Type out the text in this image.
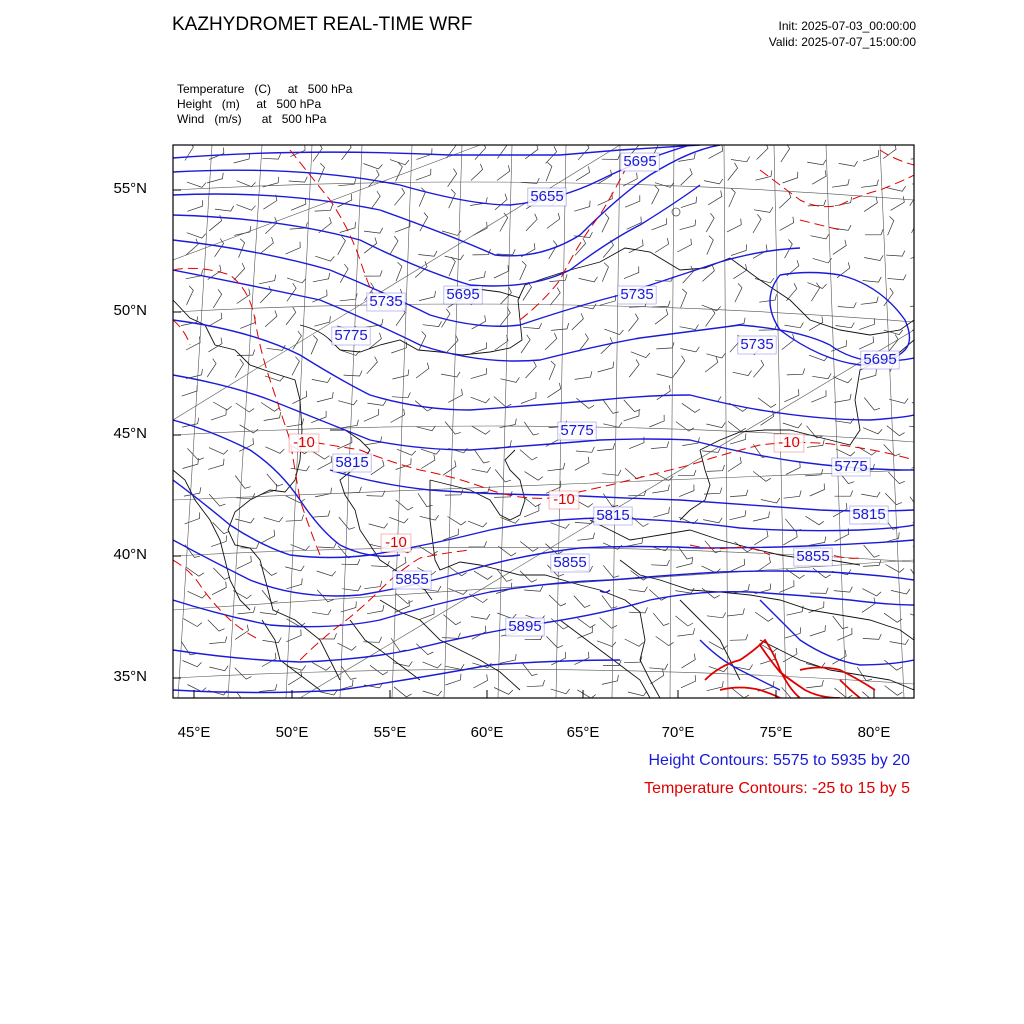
5695
5655
5735	5695	5735
5775
5735
5695
5775
5815	5775
5815	5815
5855
5855
5855
5895
-10	-10
-10
-10
KAZHYDROMET REAL-TIME WRF	Init: 2025-07-03_00:00:00
Valid: 2025-07-07_15:00:00
Temperature (C) at 500 hPa
Height (m) at 500 hPa
Wind (m/s) at 500 hPa
55°N
50°N
45°N
40°N
35°N
45°E	50°E	55°E	60°E	65°E	70°E	75°E	80°E
Height Contours: 5575 to 5935 by 20
Temperature Contours: -25 to 15 by 5
